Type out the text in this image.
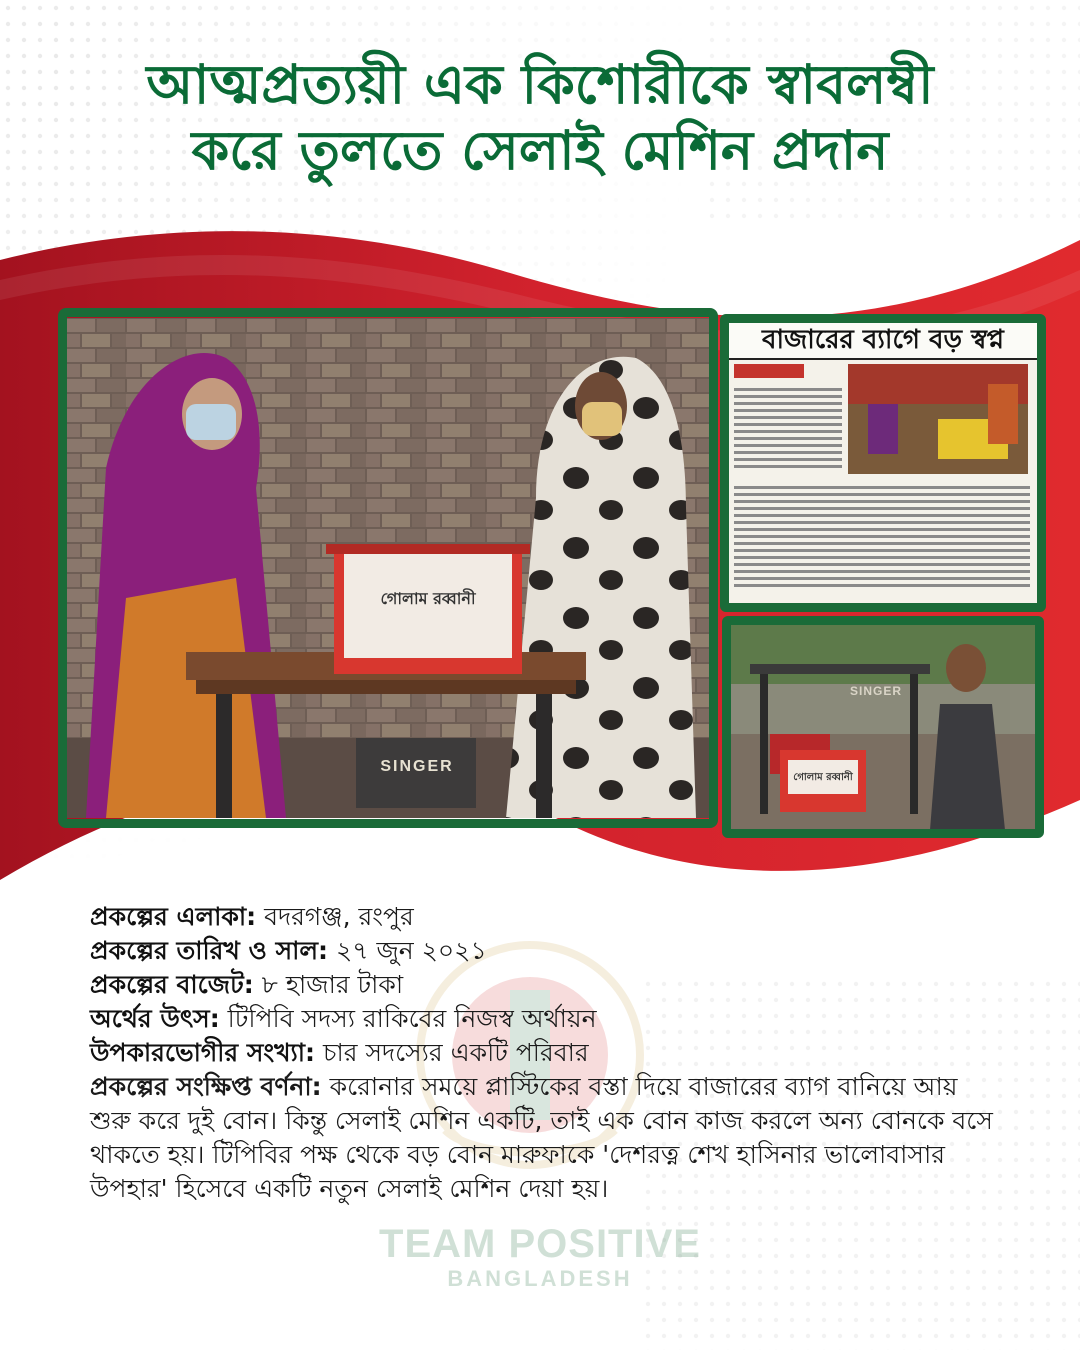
আত্মপ্রত্যয়ী এক কিশোরীকে স্বাবলম্বী
করে তুলতে সেলাই মেশিন প্রদান
গোলাম রব্বানী
SINGER
বাজারের ব্যাগে বড় স্বপ্ন
গোলাম রব্বানী
SINGER

প্রকল্পের এলাকা: বদরগঞ্জ, রংপুর

প্রকল্পের তারিখ ও সাল: ২৭ জুন ২০২১

প্রকল্পের বাজেট: ৮ হাজার টাকা

অর্থের উৎস: টিপিবি সদস্য রাকিবের নিজস্ব অর্থায়ন

উপকারভোগীর সংখ্যা: চার সদস্যের একটি পরিবার

প্রকল্পের সংক্ষিপ্ত বর্ণনা: করোনার সময়ে প্লাস্টিকের বস্তা দিয়ে বাজারের ব্যাগ বানিয়ে আয় শুরু করে দুই বোন। কিন্তু সেলাই মেশিন একটি, তাই এক বোন কাজ করলে অন্য বোনকে বসে থাকতে হয়। টিপিবির পক্ষ থেকে বড় বোন মারুফাকে 'দেশরত্ন শেখ হাসিনার ভালোবাসার উপহার' হিসেবে একটি নতুন সেলাই মেশিন দেয়া হয়।

TEAM POSITIVE
BANGLADESH
